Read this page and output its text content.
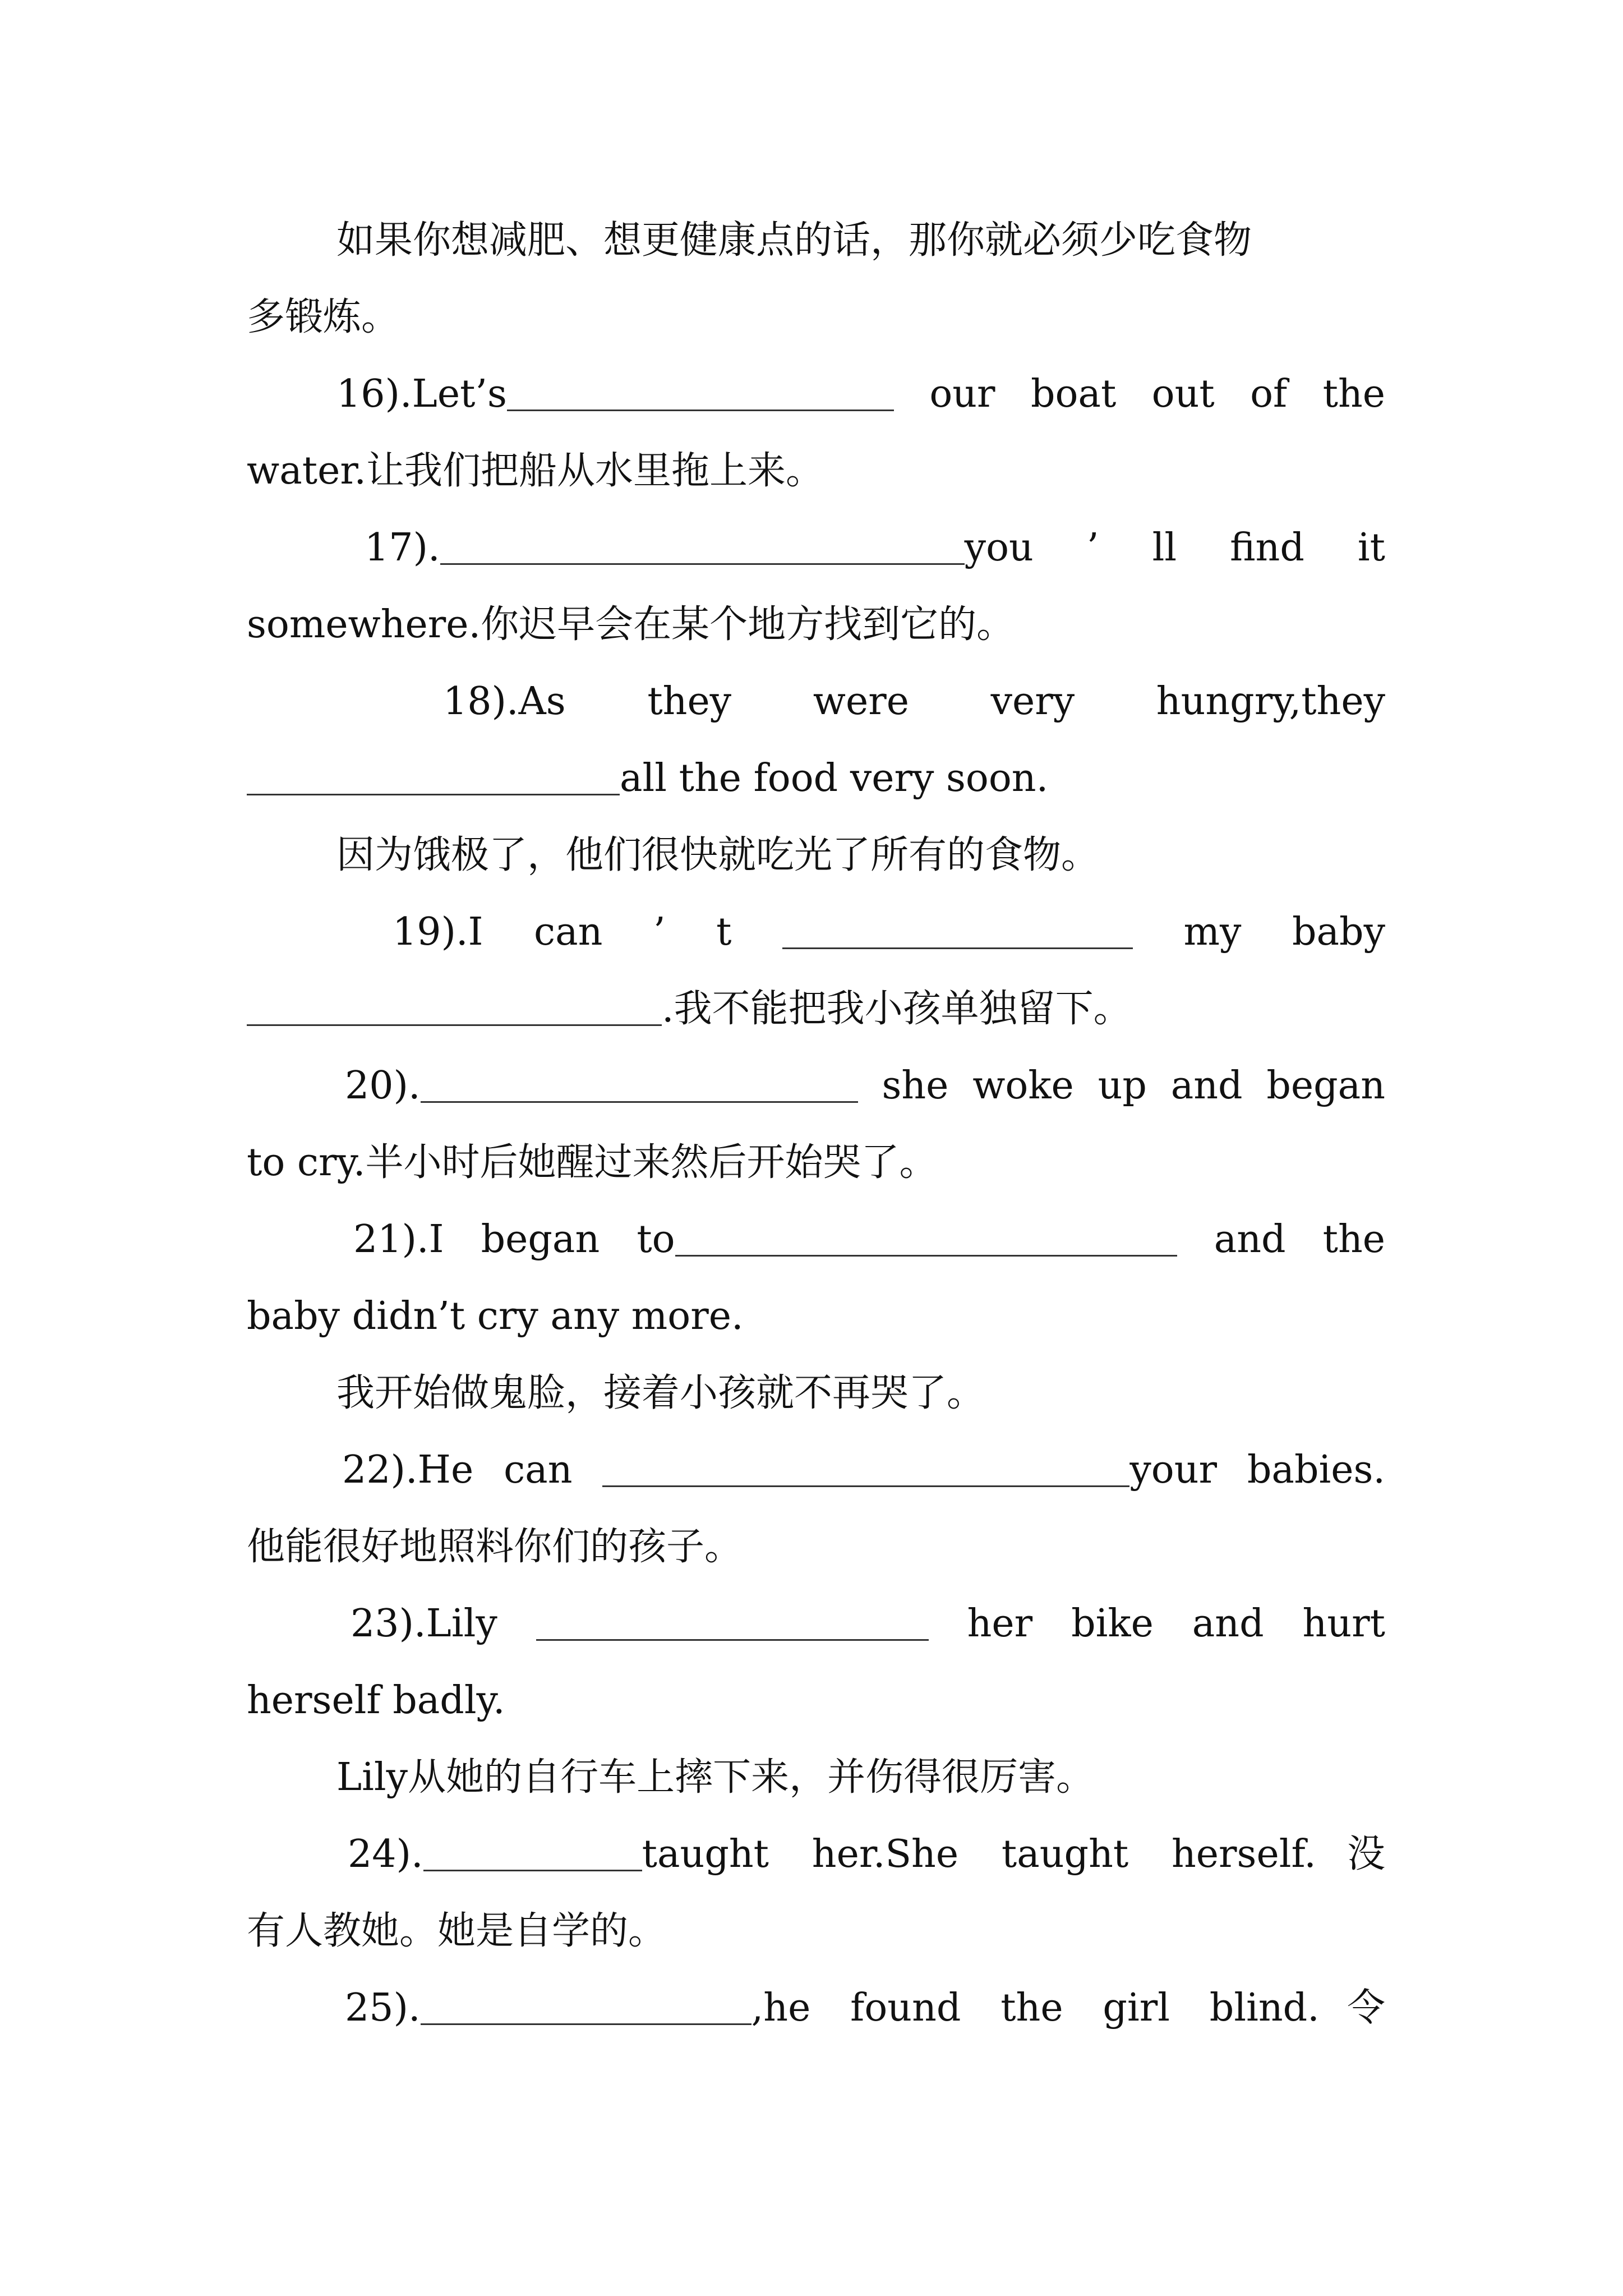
如果你想减肥、想更健康点的话，那你就必须少吃食物

多锻炼。

16).Let’s	our boat out of the

water.让我们把船从水里拖上来。

17).	you ’ ll find it

somewhere.你迟早会在某个地方找到它的。

18).As they were very hungry,they

all the food very soon.

因为饿极了，他们很快就吃光了所有的食物。

19).I can ’ t	my baby

.我不能把我小孩单独留下。

20).	she woke up and began

to cry.半小时后她醒过来然后开始哭了。

21).I began to	and the

baby didn’t cry any more.

我开始做鬼脸，接着小孩就不再哭了。

22).He can	your babies.

他能很好地照料你们的孩子。

23).Lily	her bike and hurt

herself badly.

Lily从她的自行车上摔下来，并伤得很厉害。

24).	taught her.She taught herself.没

有人教她。她是自学的。

25).	,he found the girl blind.令
